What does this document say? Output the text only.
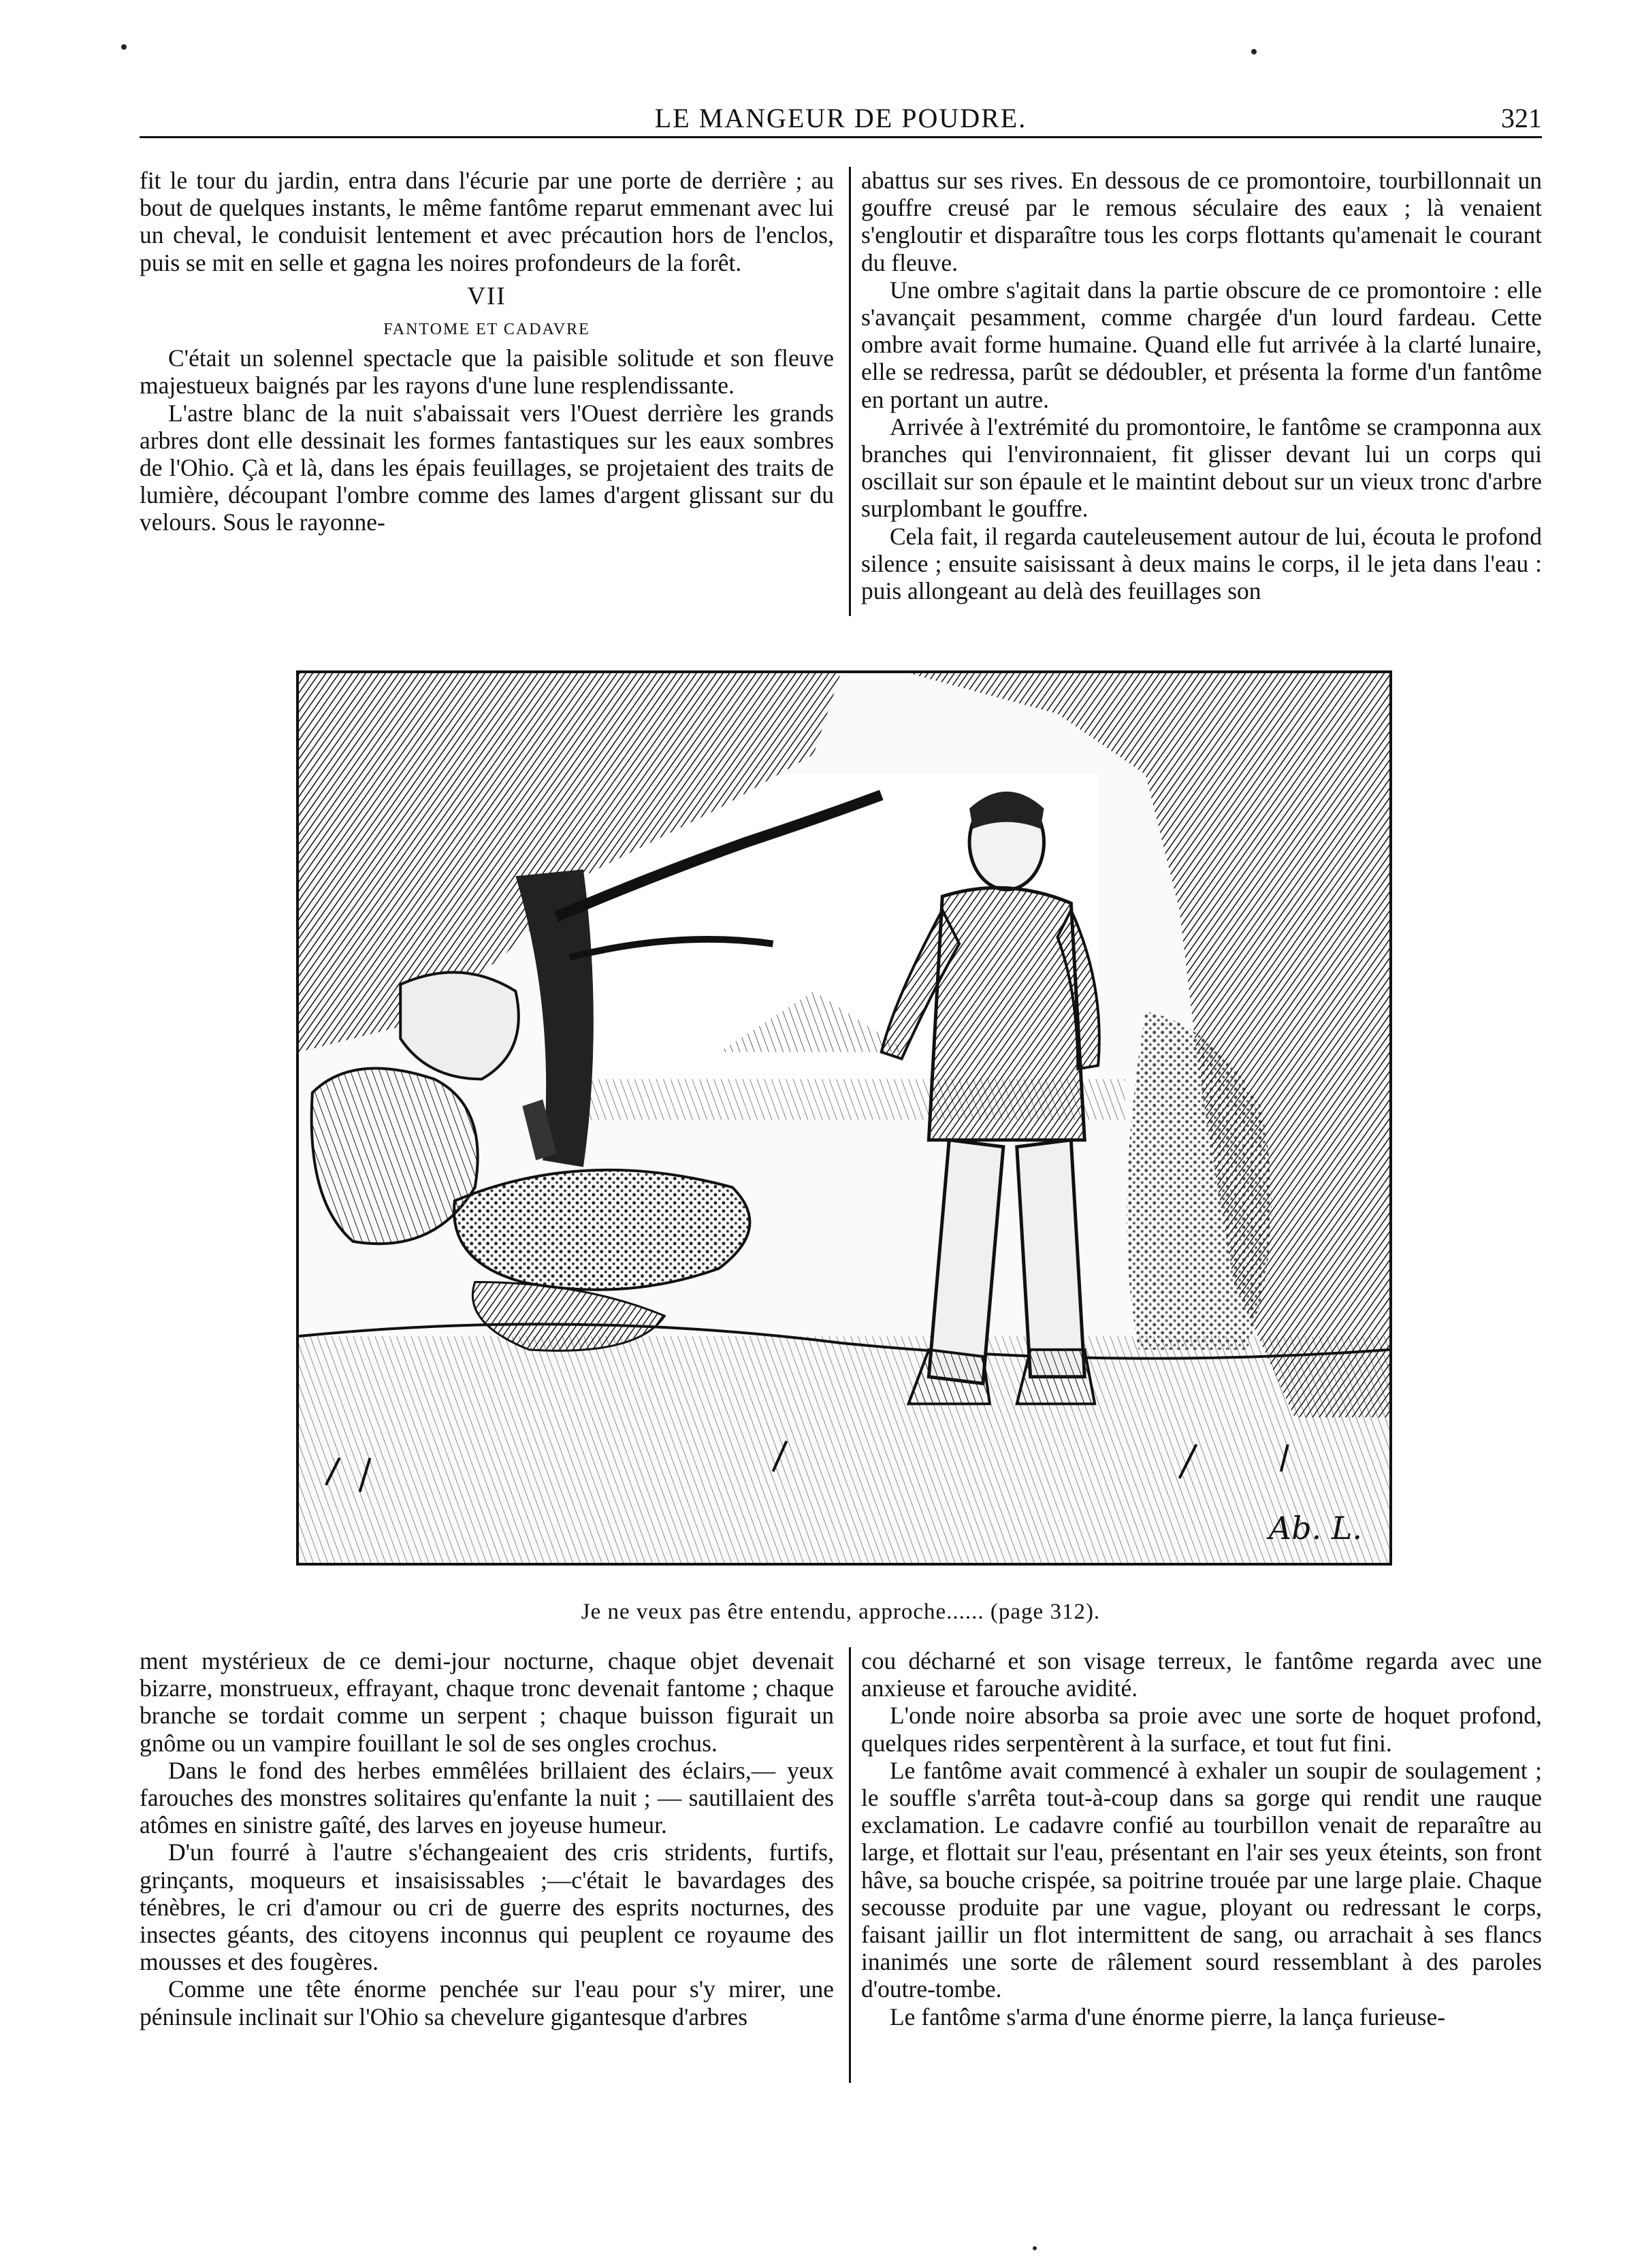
LE MANGEUR DE POUDRE.	321

fit le tour du jardin, entra dans l'écurie par une porte de derrière ; au bout de quelques instants, le même fantôme reparut emmenant avec lui un cheval, le conduisit lentement et avec précaution hors de l'enclos, puis se mit en selle et gagna les noires profondeurs de la forêt.

VII

FANTOME ET CADAVRE

C'était un solennel spectacle que la paisible solitude et son fleuve majestueux baignés par les rayons d'une lune resplendissante.

L'astre blanc de la nuit s'abaissait vers l'Ouest derrière les grands arbres dont elle dessinait les formes fantastiques sur les eaux sombres de l'Ohio. Çà et là, dans les épais feuillages, se projetaient des traits de lumière, découpant l'ombre comme des lames d'argent glissant sur du velours. Sous le rayonne-

abattus sur ses rives. En dessous de ce promontoire, tourbillonnait un gouffre creusé par le remous séculaire des eaux ; là venaient s'engloutir et disparaître tous les corps flottants qu'amenait le courant du fleuve.

Une ombre s'agitait dans la partie obscure de ce promontoire : elle s'avançait pesamment, comme chargée d'un lourd fardeau. Cette ombre avait forme humaine. Quand elle fut arrivée à la clarté lunaire, elle se redressa, parût se dédoubler, et présenta la forme d'un fantôme en portant un autre.

Arrivée à l'extrémité du promontoire, le fantôme se cramponna aux branches qui l'environnaient, fit glisser devant lui un corps qui oscillait sur son épaule et le maintint debout sur un vieux tronc d'arbre surplombant le gouffre.

Cela fait, il regarda cauteleusement autour de lui, écouta le profond silence ; ensuite saisissant à deux mains le corps, il le jeta dans l'eau : puis allongeant au delà des feuillages son

Ab. L.
Je ne veux pas être entendu, approche...... (page 312).

ment mystérieux de ce demi-jour nocturne, chaque objet devenait bizarre, monstrueux, effrayant, chaque tronc devenait fantome ; chaque branche se tordait comme un serpent ; chaque buisson figurait un gnôme ou un vampire fouillant le sol de ses ongles crochus.

Dans le fond des herbes emmêlées brillaient des éclairs,— yeux farouches des monstres solitaires qu'enfante la nuit ; — sautillaient des atômes en sinistre gaîté, des larves en joyeuse humeur.

D'un fourré à l'autre s'échangeaient des cris stridents, furtifs, grinçants, moqueurs et insaisissables ;—c'était le bavardages des ténèbres, le cri d'amour ou cri de guerre des esprits nocturnes, des insectes géants, des citoyens inconnus qui peuplent ce royaume des mousses et des fougères.

Comme une tête énorme penchée sur l'eau pour s'y mirer, une péninsule inclinait sur l'Ohio sa chevelure gigantesque d'arbres

cou décharné et son visage terreux, le fantôme regarda avec une anxieuse et farouche avidité.

L'onde noire absorba sa proie avec une sorte de hoquet profond, quelques rides serpentèrent à la surface, et tout fut fini.

Le fantôme avait commencé à exhaler un soupir de soulagement ; le souffle s'arrêta tout-à-coup dans sa gorge qui rendit une rauque exclamation. Le cadavre confié au tourbillon venait de reparaître au large, et flottait sur l'eau, présentant en l'air ses yeux éteints, son front hâve, sa bouche crispée, sa poitrine trouée par une large plaie. Chaque secousse produite par une vague, ployant ou redressant le corps, faisant jaillir un flot intermittent de sang, ou arrachait à ses flancs inanimés une sorte de râlement sourd ressemblant à des paroles d'outre-tombe.

Le fantôme s'arma d'une énorme pierre, la lança furieuse-
